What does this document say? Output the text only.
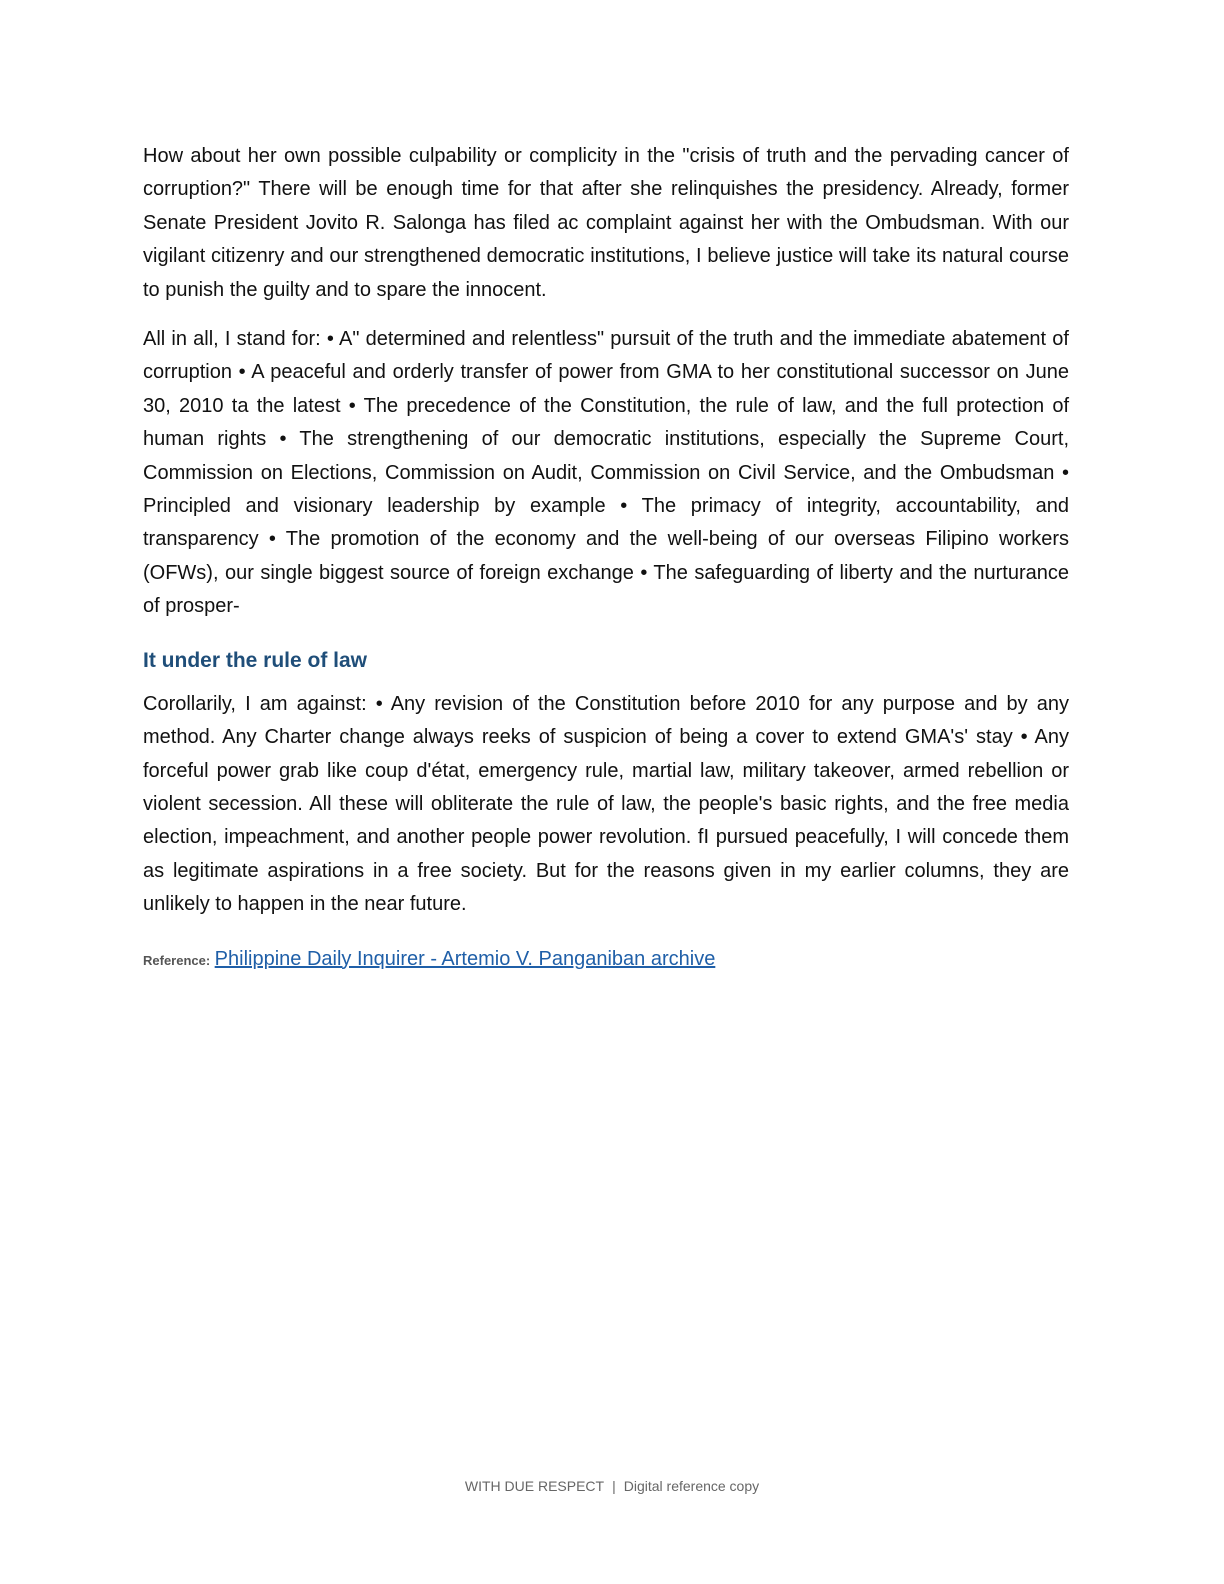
How about her own possible culpability or complicity in the "crisis of truth and the pervading cancer of corruption?" There will be enough time for that after she relinquishes the presidency. Already, former Senate President Jovito R. Salonga has filed ac complaint against her with the Ombudsman. With our vigilant citizenry and our strengthened democratic institutions, I believe justice will take its natural course to punish the guilty and to spare the innocent.

All in all, I stand for: • A" determined and relentless" pursuit of the truth and the immediate abatement of corruption • A peaceful and orderly transfer of power from GMA to her constitutional successor on June 30, 2010 ta the latest • The precedence of the Constitution, the rule of law, and the full protection of human rights • The strengthening of our democratic institutions, especially the Supreme Court, Commission on Elections, Commission on Audit, Commission on Civil Service, and the Ombudsman • Principled and visionary leadership by example • The primacy of integrity, accountability, and transparency • The promotion of the economy and the well-being of our overseas Filipino workers (OFWs), our single biggest source of foreign exchange • The safeguarding of liberty and the nurturance of prosper-

It under the rule of law

Corollarily, I am against: • Any revision of the Constitution before 2010 for any purpose and by any method. Any Charter change always reeks of suspicion of being a cover to extend GMA's' stay • Any forceful power grab like coup d'état, emergency rule, martial law, military takeover, armed rebellion or violent secession. All these will obliterate the rule of law, the people's basic rights, and the free media election, impeachment, and another people power revolution. fI pursued peacefully, I will concede them as legitimate aspirations in a free society. But for the reasons given in my earlier columns, they are unlikely to happen in the near future.

Reference: Philippine Daily Inquirer - Artemio V. Panganiban archive
WITH DUE RESPECT | Digital reference copy
